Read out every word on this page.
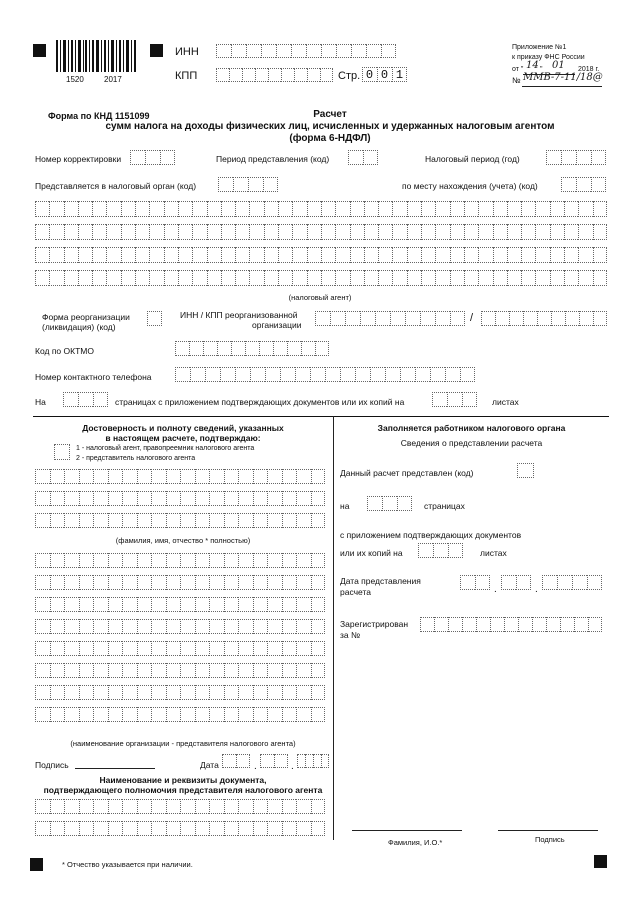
1520	2017
ИНН
КПП	Стр. 0 0 1
Приложение №1
к приказу ФНС России
от " 14 " 01 2018 г.
№ ММВ-7-11/18@
Форма по КНД 1151099	Расчет
сумм налога на доходы физических лиц, исчисленных и удержанных налоговым агентом
(форма 6-НДФЛ)
Номер корректировки	Период представления (код)	Налоговый период (год)
Представляется в налоговый орган (код)	по месту нахождения (учета) (код)
(налоговый агент)
Форма реорганизации
(ликвидация) (код)
ИНН / КПП реорганизованной
организации
/
Код по ОКТМО
Номер контактного телефона
На	страницах с приложением подтверждающих документов или их копий на	листах
Достоверность и полноту сведений, указанных
в настоящем расчете, подтверждаю:
1 - налоговый агент, правопреемник налогового агента
2 - представитель налогового агента
(фамилия, имя, отчество * полностью)
(наименование организации - представителя налогового агента)
Подпись	Дата	.	.
Наименование и реквизиты документа,
подтверждающего полномочия представителя налогового агента
Заполняется работником налогового органа
Сведения о представлении расчета
Данный расчет представлен (код)
на	страницах
с приложением подтверждающих документов
или их копий на	листах
Дата представления
расчета	.	.
Зарегистрирован
за №
Фамилия, И.О.*	Подпись
* Отчество указывается при наличии.
